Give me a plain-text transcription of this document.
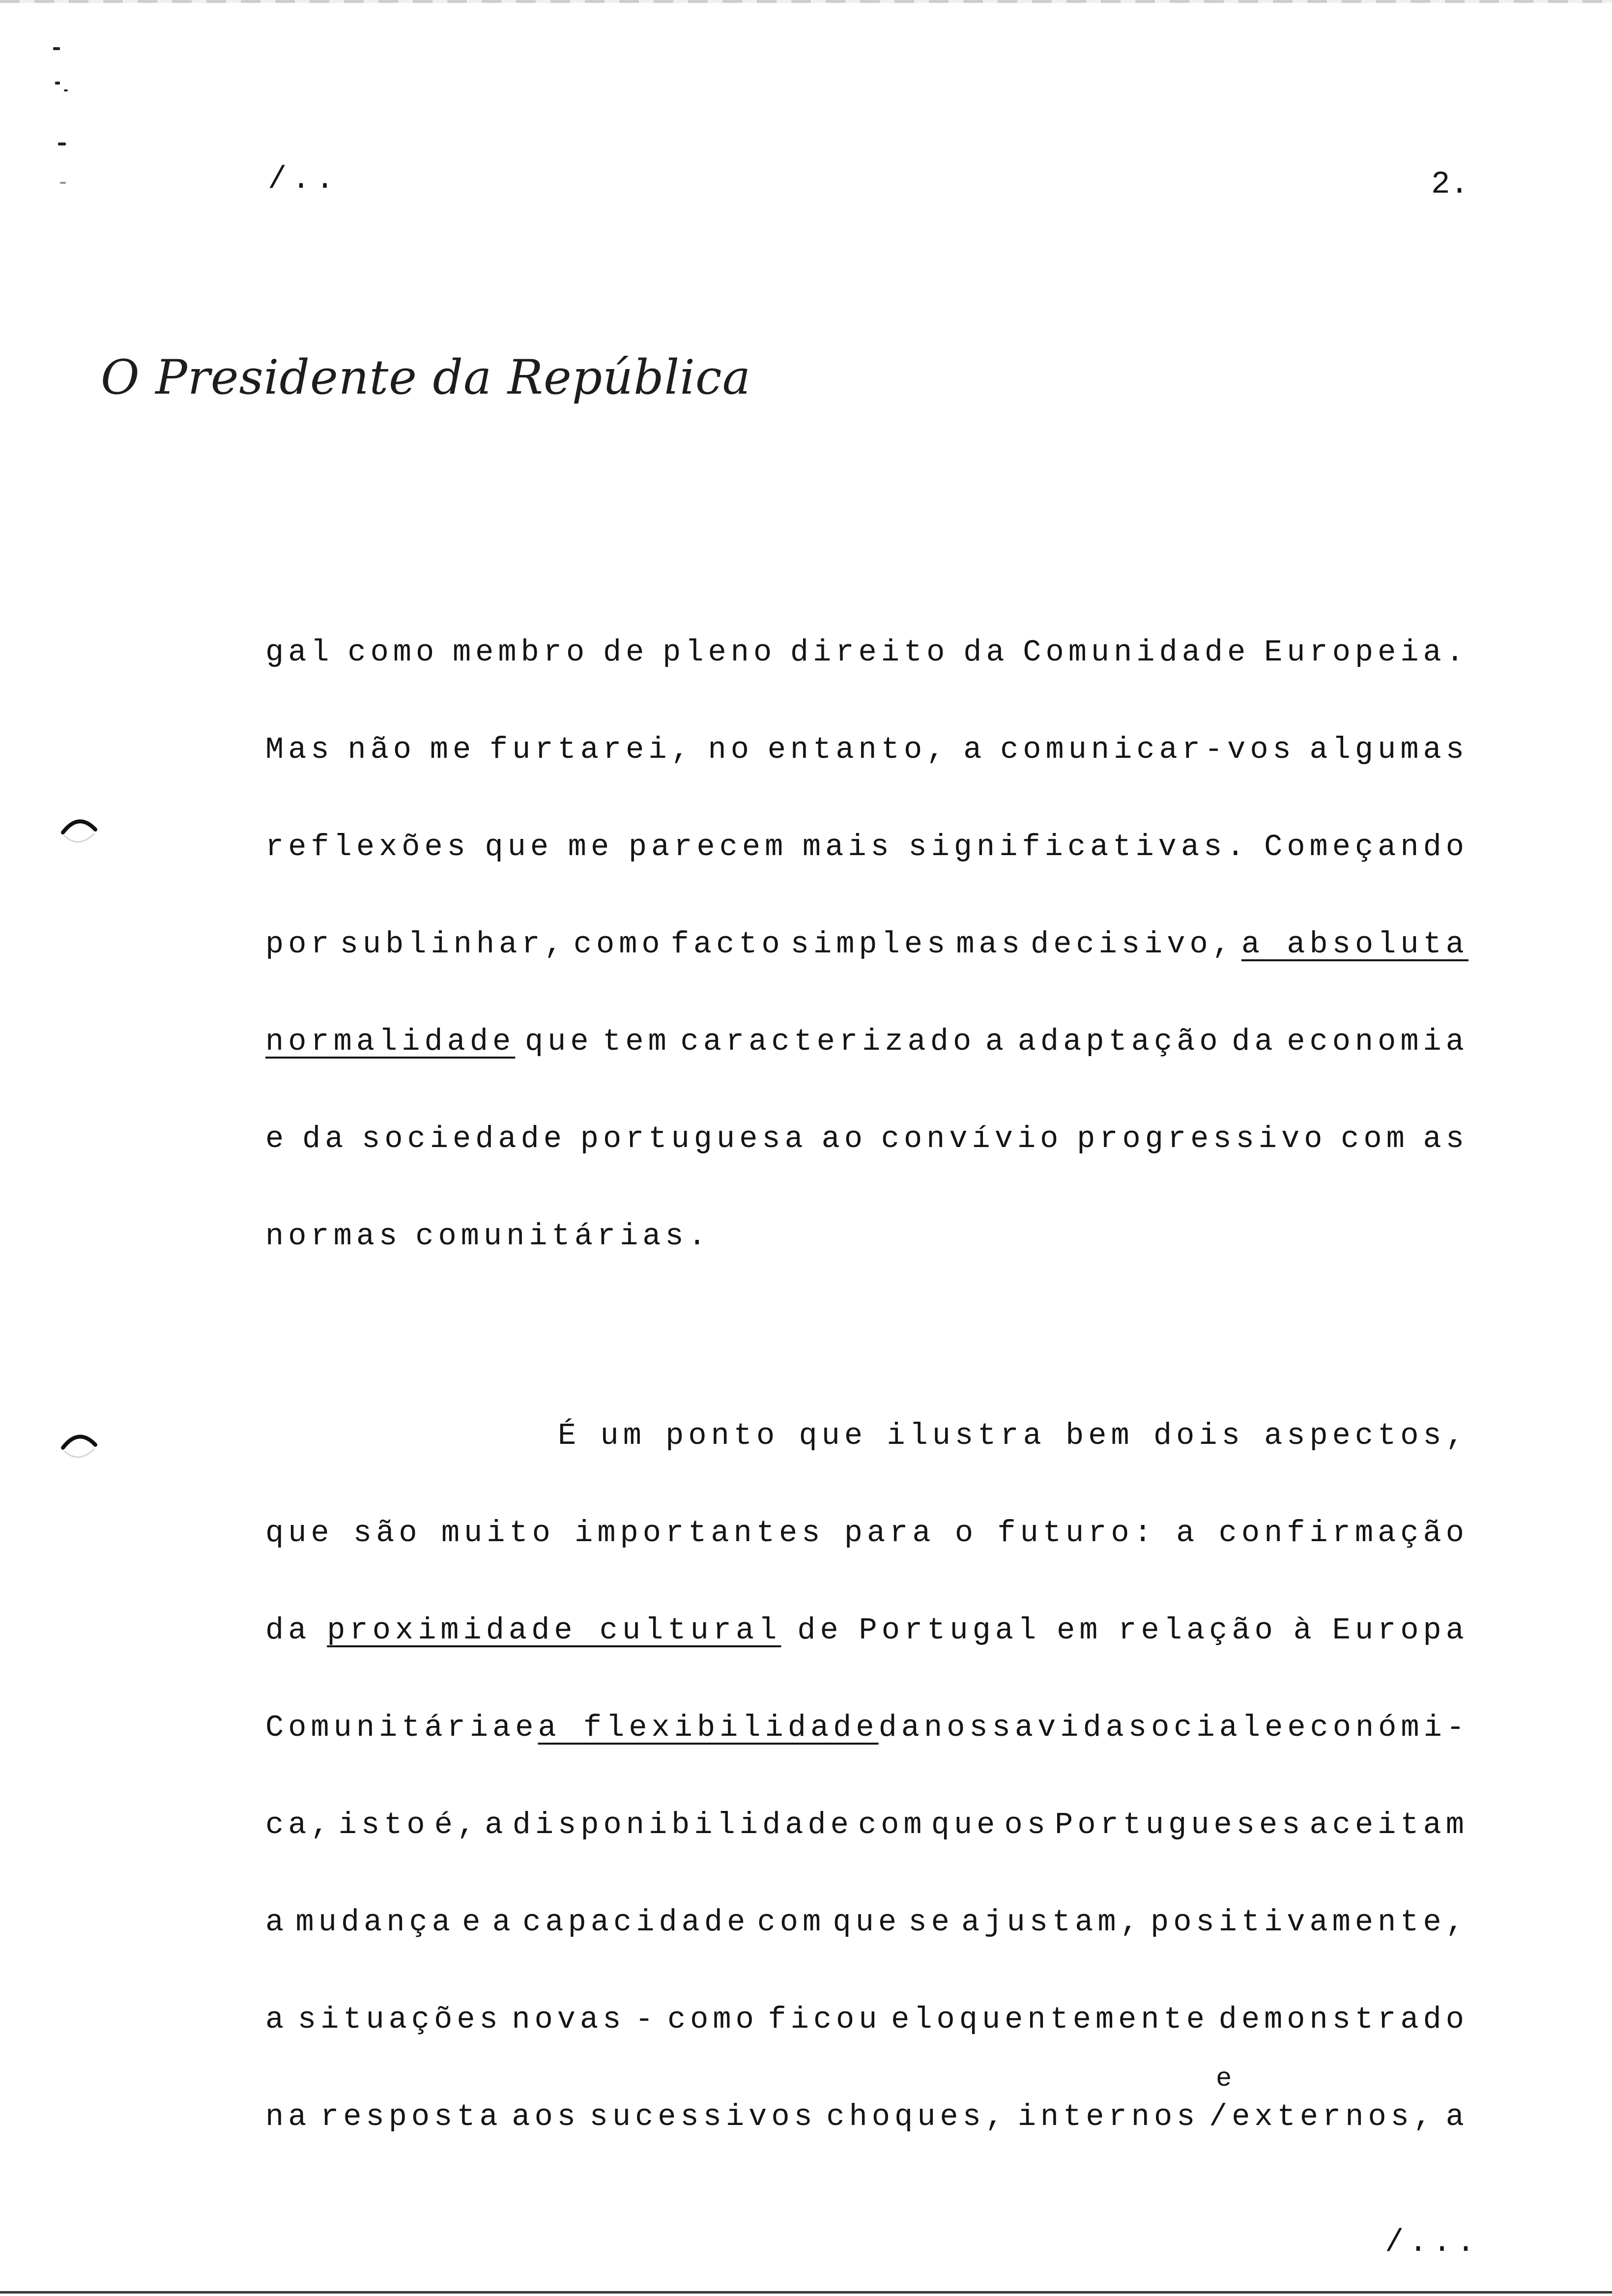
/..	2.
O Presidente da República
gal como membro de pleno direito da Comunidade Europeia.
Mas não me furtarei, no entanto, a comunicar-vos algumas
reflexões que me parecem mais significativas. Começando
por sublinhar, como facto simples mas decisivo, a absoluta
normalidade que tem caracterizado a adaptação da economia
e da sociedade portuguesa ao convívio progressivo com as
normas comunitárias.
É um ponto que ilustra bem dois aspectos,
que são muito importantes para o futuro: a confirmação
da proximidade cultural de Portugal em relação à Europa
Comunitária e a flexibilidade da nossa vida social e económi-
ca, isto é, a disponibilidade com que os Portugueses aceitam
a mudança e a capacidade com que se ajustam, positivamente,
a situações novas - como ficou eloquentemente demonstrado
na resposta aos sucessivos choques, internos /externos, a
e
/...
